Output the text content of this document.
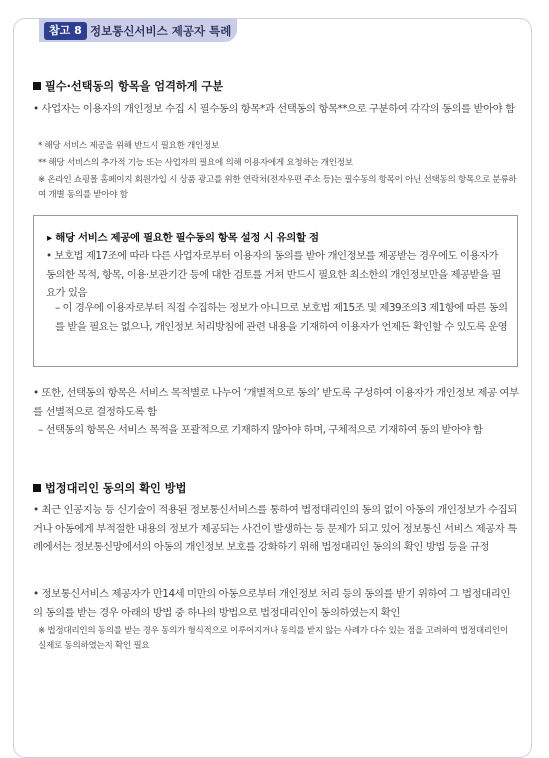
참고 8 정보통신서비스 제공자 특례
필수·선택동의 항목을 엄격하게 구분

• 사업자는 이용자의 개인정보 수집 시 필수동의 항목*과 선택동의 항목**으로 구분하여 각각의 동의를 받아야 함

* 해당 서비스 제공을 위해 반드시 필요한 개인정보

** 해당 서비스의 추가적 기능 또는 사업자의 필요에 의해 이용자에게 요청하는 개인정보

※ 온라인 쇼핑몰 홈페이지 회원가입 시 상품 광고를 위한 연락처(전자우편 주소 등)는 필수동의 항목이 아닌 선택동의 항목으로 분류하여 개별 동의를 받아야 함

▸ 해당 서비스 제공에 필요한 필수동의 항목 설정 시 유의할 점

• 보호법 제17조에 따라 다른 사업자로부터 이용자의 동의를 받아 개인정보를 제공받는 경우에도 이용자가 동의한 목적, 항목, 이용·보관기간 등에 대한 검토를 거쳐 반드시 필요한 최소한의 개인정보만을 제공받을 필요가 있음

– 이 경우에 이용자로부터 직접 수집하는 정보가 아니므로 보호법 제15조 및 제39조의3 제1항에 따른 동의를 받을 필요는 없으나, 개인정보 처리방침에 관련 내용을 기재하여 이용자가 언제든 확인할 수 있도록 운영

• 또한, 선택동의 항목은 서비스 목적별로 나누어 ‘개별적으로 동의’ 받도록 구성하여 이용자가 개인정보 제공 여부를 선별적으로 결정하도록 함

– 선택동의 항목은 서비스 목적을 포괄적으로 기재하지 않아야 하며, 구체적으로 기재하여 동의 받아야 함

법정대리인 동의의 확인 방법

• 최근 인공지능 등 신기술이 적용된 정보통신서비스를 통하여 법정대리인의 동의 없이 아동의 개인정보가 수집되거나 아동에게 부적절한 내용의 정보가 제공되는 사건이 발생하는 등 문제가 되고 있어 정보통신 서비스 제공자 특례에서는 정보통신망에서의 아동의 개인정보 보호를 강화하기 위해 법정대리인 동의의 확인 방법 등을 규정

• 정보통신서비스 제공자가 만14세 미만의 아동으로부터 개인정보 처리 등의 동의를 받기 위하여 그 법정대리인의 동의를 받는 경우 아래의 방법 중 하나의 방법으로 법정대리인이 동의하였는지 확인

※ 법정대리인의 동의를 받는 경우 동의가 형식적으로 이루어지거나 동의를 받지 않는 사례가 다수 있는 점을 고려하여 법정대리인이 실제로 동의하였는지 확인 필요
